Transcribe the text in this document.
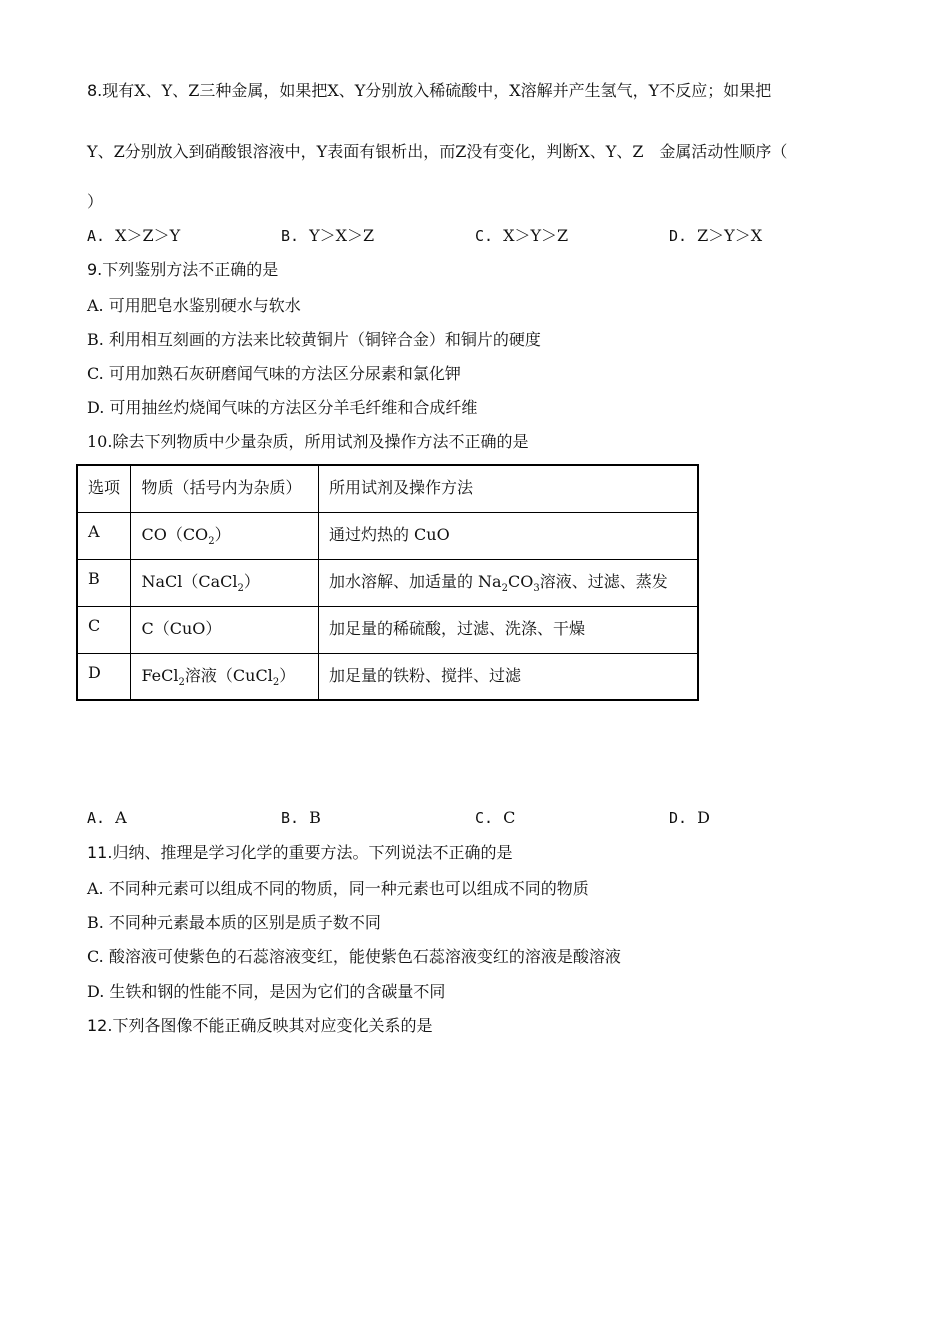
8.现有X、Y、Z三种金属，如果把X、Y分别放入稀硫酸中，X溶解并产生氢气，Y不反应；如果把
Y、Z分别放入到硝酸银溶液中，Y表面有银析出，而Z没有变化，判断X、Y、Z　金属活动性顺序（
）
A. X＞Z＞Y	B. Y＞X＞Z	C. X＞Y＞Z	D. Z＞Y＞X
9.下列鉴别方法不正确的是
A. 可用肥皂水鉴别硬水与软水
B. 利用相互刻画的方法来比较黄铜片（铜锌合金）和铜片的硬度
C. 可用加熟石灰研磨闻气味的方法区分尿素和氯化钾
D. 可用抽丝灼烧闻气味的方法区分羊毛纤维和合成纤维
10.除去下列物质中少量杂质，所用试剂及操作方法不正确的是
选项	物质（括号内为杂质）	所用试剂及操作方法
A	$CO(CO_2)$	通过灼热的 CuO
B	NaCl（CaCl$_2$）	加水溶解、加适量的 $Na_2CO_3$溶液、过滤、蒸发
C	C（CuO）	加足量的稀硫酸，过滤、洗涤、干燥
D	FeCl$_2$溶液（CuCl$_2$）	加足量的铁粉、搅拌、过滤
A. A	B. B	C. C	D. D
11.归纳、推理是学习化学的重要方法。下列说法不正确的是
A. 不同种元素可以组成不同的物质，同一种元素也可以组成不同的物质
B. 不同种元素最本质的区别是质子数不同
C. 酸溶液可使紫色的石蕊溶液变红，能使紫色石蕊溶液变红的溶液是酸溶液
D. 生铁和钢的性能不同，是因为它们的含碳量不同
12.下列各图像不能正确反映其对应变化关系的是
